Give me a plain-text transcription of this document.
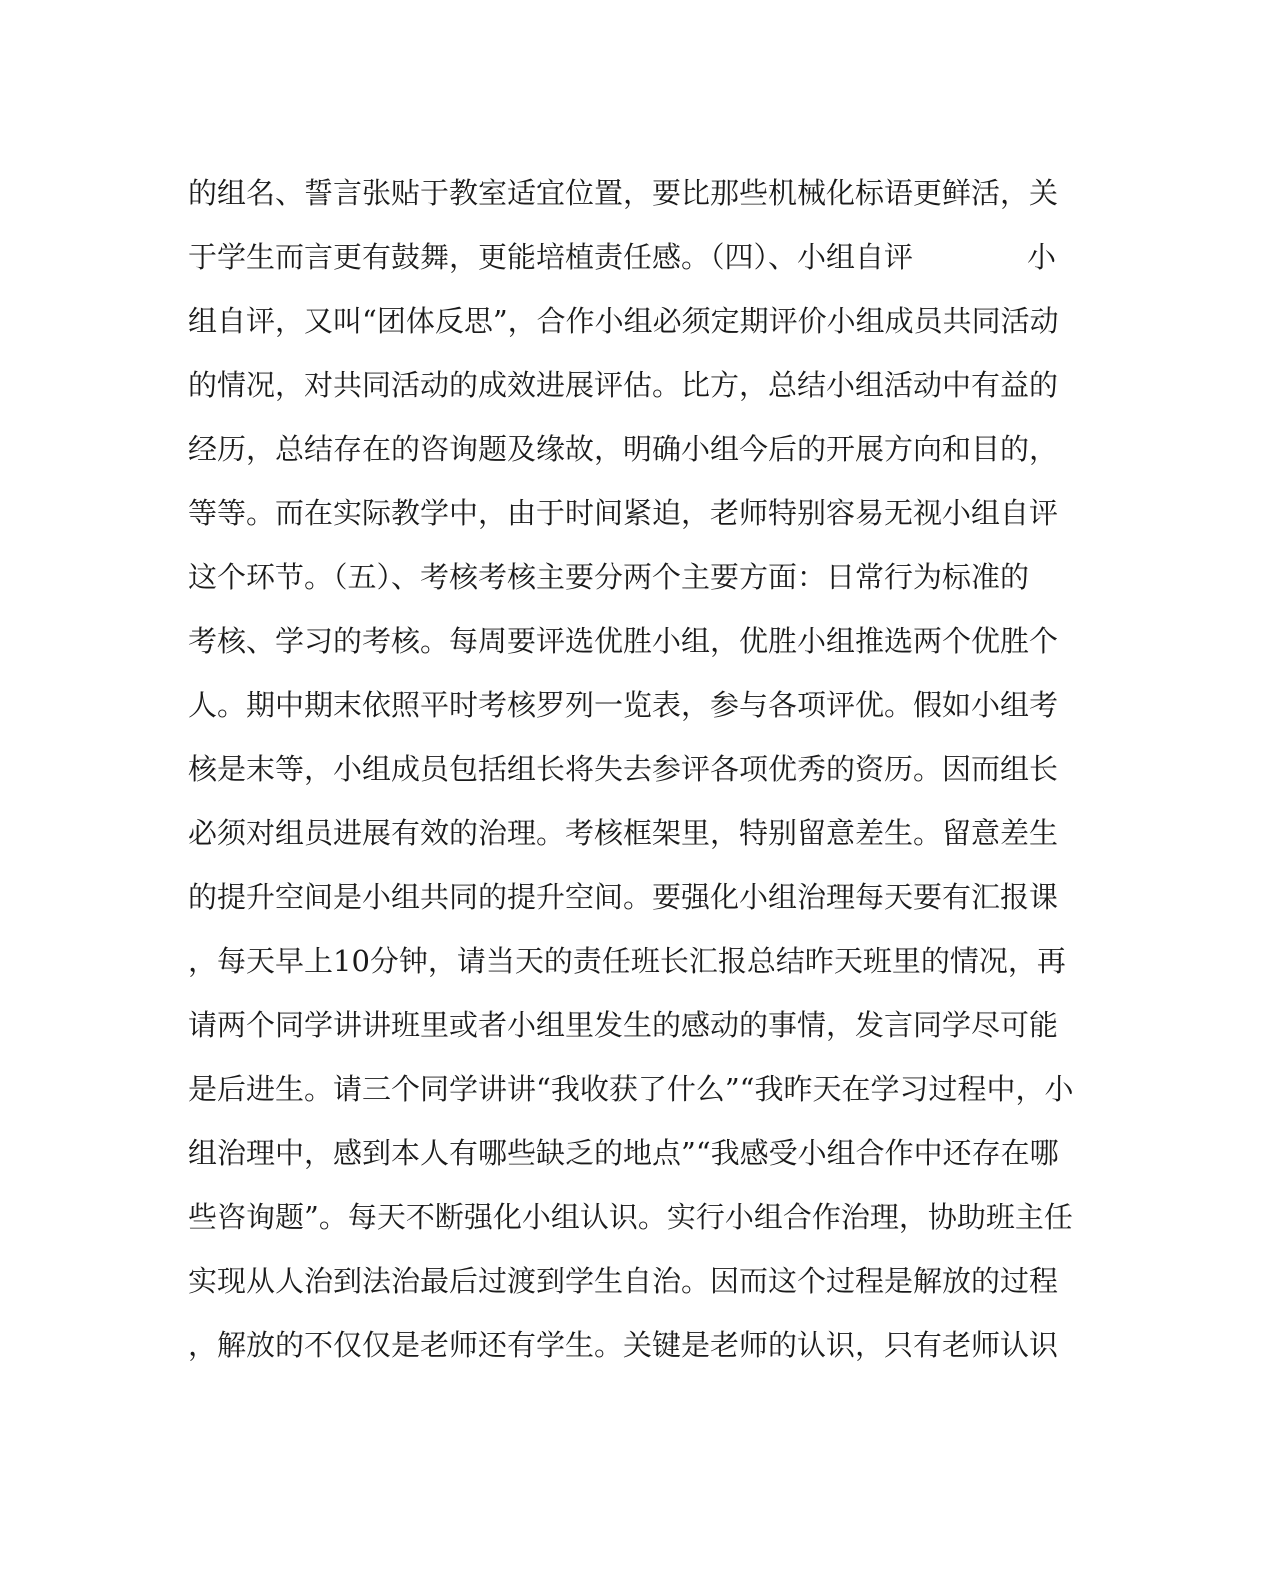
的组名、誓言张贴于教室适宜位置，要比那些机械化标语更鲜活，关
于学生而言更有鼓舞，更能培植责任感。（四）、小组自评	小
组自评，又叫“团体反思”，合作小组必须定期评价小组成员共同活动
的情况，对共同活动的成效进展评估。比方，总结小组活动中有益的
经历，总结存在的咨询题及缘故，明确小组今后的开展方向和目的，
等等。而在实际教学中，由于时间紧迫，老师特别容易无视小组自评
这个环节。（五）、考核考核主要分两个主要方面：日常行为标准的
考核、学习的考核。每周要评选优胜小组，优胜小组推选两个优胜个
人。期中期末依照平时考核罗列一览表，参与各项评优。假如小组考
核是末等，小组成员包括组长将失去参评各项优秀的资历。因而组长
必须对组员进展有效的治理。考核框架里，特别留意差生。留意差生
的提升空间是小组共同的提升空间。要强化小组治理每天要有汇报课
，每天早上10分钟，请当天的责任班长汇报总结昨天班里的情况，再
请两个同学讲讲班里或者小组里发生的感动的事情，发言同学尽可能
是后进生。请三个同学讲讲“我收获了什么”“我昨天在学习过程中，小
组治理中，感到本人有哪些缺乏的地点”“我感受小组合作中还存在哪
些咨询题”。每天不断强化小组认识。实行小组合作治理，协助班主任
实现从人治到法治最后过渡到学生自治。因而这个过程是解放的过程
，解放的不仅仅是老师还有学生。关键是老师的认识，只有老师认识
